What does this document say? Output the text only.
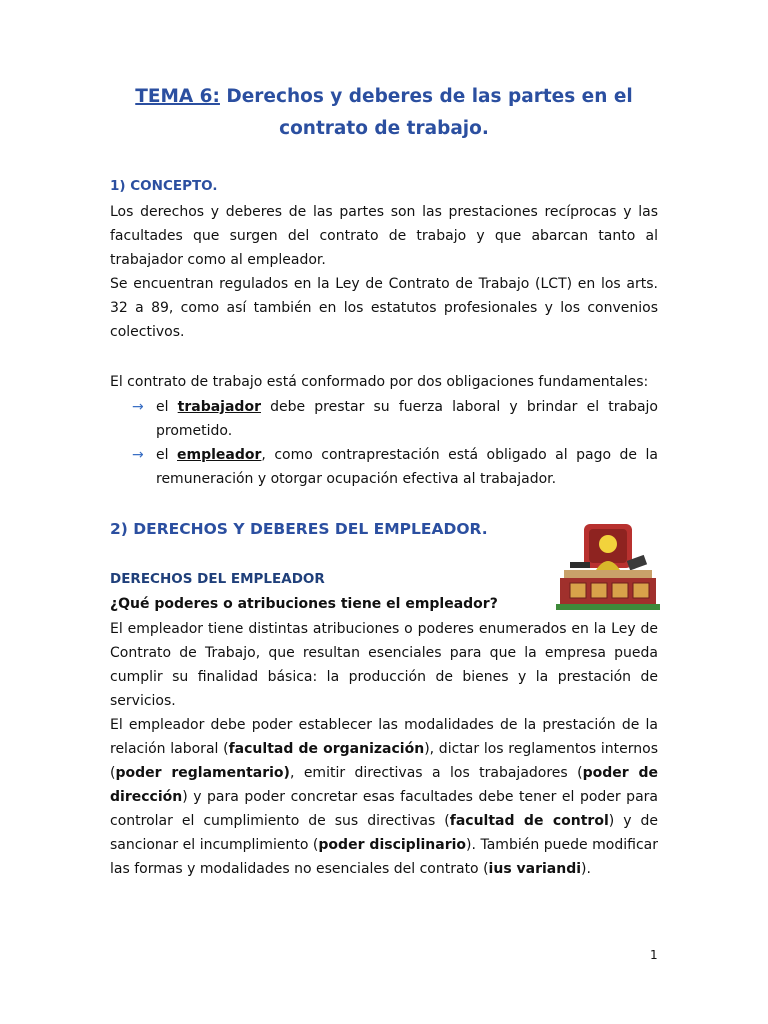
TEMA 6: Derechos y deberes de las partes en el
contrato de trabajo.
1) CONCEPTO.
Los derechos y deberes de las partes son las prestaciones recíprocas y las
facultades que surgen del contrato de trabajo y que abarcan tanto al
trabajador como al empleador.
Se encuentran regulados en la Ley de Contrato de Trabajo (LCT) en los arts.
32 a 89, como así también en los estatutos profesionales y los convenios
colectivos.
El contrato de trabajo está conformado por dos obligaciones fundamentales:
→ el trabajador debe prestar su fuerza laboral y brindar el trabajo
prometido.
→ el empleador, como contraprestación está obligado al pago de la
remuneración y otorgar ocupación efectiva al trabajador.
2) DERECHOS Y DEBERES DEL EMPLEADOR.
DERECHOS DEL EMPLEADOR
¿Qué poderes o atribuciones tiene el empleador?
El empleador tiene distintas atribuciones o poderes enumerados en la Ley de
Contrato de Trabajo, que resultan esenciales para que la empresa pueda
cumplir su finalidad básica: la producción de bienes y la prestación de
servicios.
El empleador debe poder establecer las modalidades de la prestación de la
relación laboral (facultad de organización), dictar los reglamentos internos
(poder reglamentario), emitir directivas a los trabajadores (poder de
dirección) y para poder concretar esas facultades debe tener el poder para
controlar el cumplimiento de sus directivas (facultad de control) y de
sancionar el incumplimiento (poder disciplinario). También puede modificar
las formas y modalidades no esenciales del contrato (ius variandi).
1
